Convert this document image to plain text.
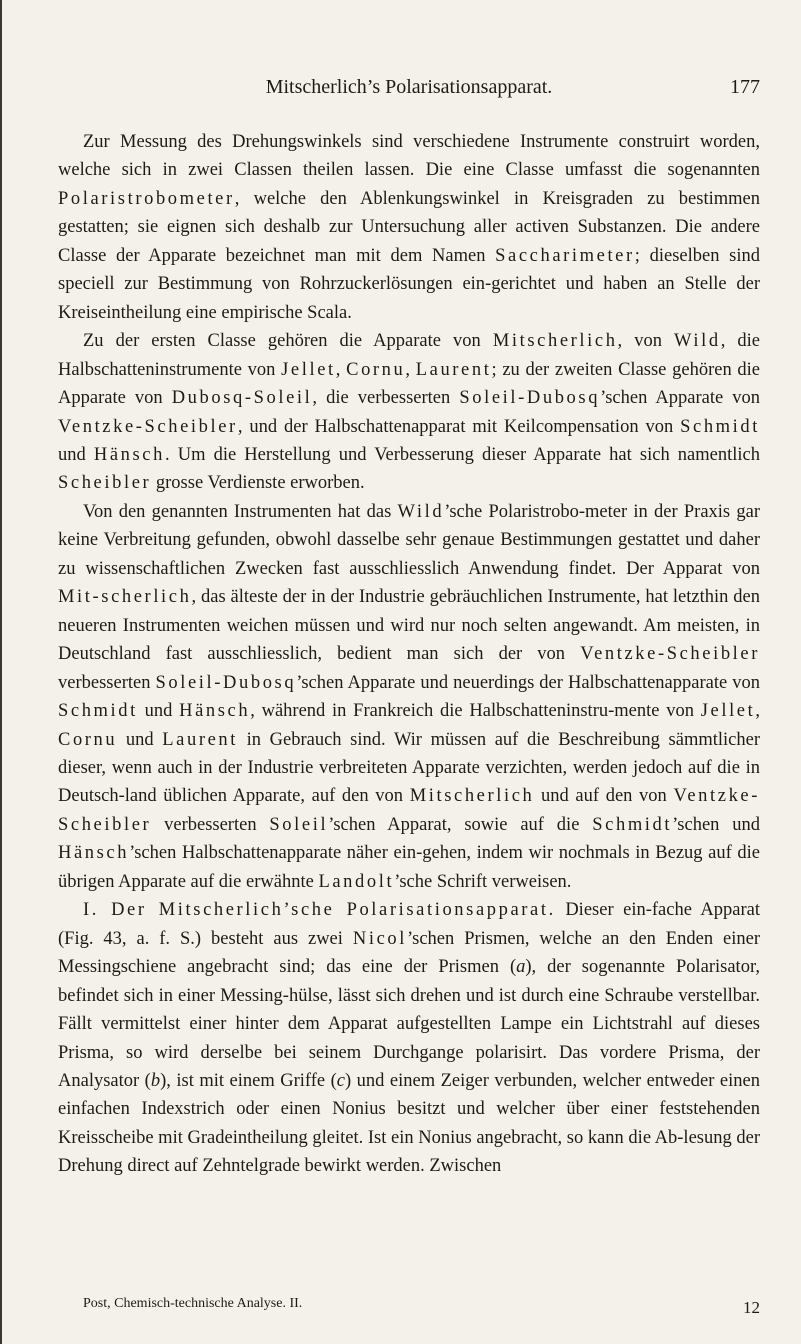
Mitscherlich’s Polarisationsapparat.	177

Zur Messung des Drehungswinkels sind verschiedene Instrumente construirt worden, welche sich in zwei Classen theilen lassen. Die eine Classe umfasst die sogenannten Polaristrobometer, welche den Ablenkungswinkel in Kreisgraden zu bestimmen gestatten; sie eignen sich deshalb zur Untersuchung aller activen Substanzen. Die andere Classe der Apparate bezeichnet man mit dem Namen Saccharimeter; dieselben sind speciell zur Bestimmung von Rohrzuckerlösungen ein-gerichtet und haben an Stelle der Kreiseintheilung eine empirische Scala.

Zu der ersten Classe gehören die Apparate von Mitscherlich, von Wild, die Halbschatteninstrumente von Jellet, Cornu, Laurent; zu der zweiten Classe gehören die Apparate von Dubosq-Soleil, die verbesserten Soleil-Dubosq’schen Apparate von Ventzke-Scheibler, und der Halbschattenapparat mit Keilcompensation von Schmidt und Hänsch. Um die Herstellung und Verbesserung dieser Apparate hat sich namentlich Scheibler grosse Verdienste erworben.

Von den genannten Instrumenten hat das Wild’sche Polaristrobo-meter in der Praxis gar keine Verbreitung gefunden, obwohl dasselbe sehr genaue Bestimmungen gestattet und daher zu wissenschaftlichen Zwecken fast ausschliesslich Anwendung findet. Der Apparat von Mit-scherlich, das älteste der in der Industrie gebräuchlichen Instrumente, hat letzthin den neueren Instrumenten weichen müssen und wird nur noch selten angewandt. Am meisten, in Deutschland fast ausschliesslich, bedient man sich der von Ventzke-Scheibler verbesserten Soleil-Dubosq’schen Apparate und neuerdings der Halbschattenapparate von Schmidt und Hänsch, während in Frankreich die Halbschatteninstru-mente von Jellet, Cornu und Laurent in Gebrauch sind. Wir müssen auf die Beschreibung sämmtlicher dieser, wenn auch in der Industrie verbreiteten Apparate verzichten, werden jedoch auf die in Deutsch-land üblichen Apparate, auf den von Mitscherlich und auf den von Ventzke-Scheibler verbesserten Soleil’schen Apparat, sowie auf die Schmidt’schen und Hänsch’schen Halbschattenapparate näher ein-gehen, indem wir nochmals in Bezug auf die übrigen Apparate auf die erwähnte Landolt’sche Schrift verweisen.

I. Der Mitscherlich’sche Polarisationsapparat. Dieser ein-fache Apparat (Fig. 43, a. f. S.) besteht aus zwei Nicol’schen Prismen, welche an den Enden einer Messingschiene angebracht sind; das eine der Prismen (a), der sogenannte Polarisator, befindet sich in einer Messing-hülse, lässt sich drehen und ist durch eine Schraube verstellbar. Fällt vermittelst einer hinter dem Apparat aufgestellten Lampe ein Lichtstrahl auf dieses Prisma, so wird derselbe bei seinem Durchgange polarisirt. Das vordere Prisma, der Analysator (b), ist mit einem Griffe (c) und einem Zeiger verbunden, welcher entweder einen einfachen Indexstrich oder einen Nonius besitzt und welcher über einer feststehenden Kreisscheibe mit Gradeintheilung gleitet. Ist ein Nonius angebracht, so kann die Ab-lesung der Drehung direct auf Zehntelgrade bewirkt werden. Zwischen

Post, Chemisch-technische Analyse. II.	12
